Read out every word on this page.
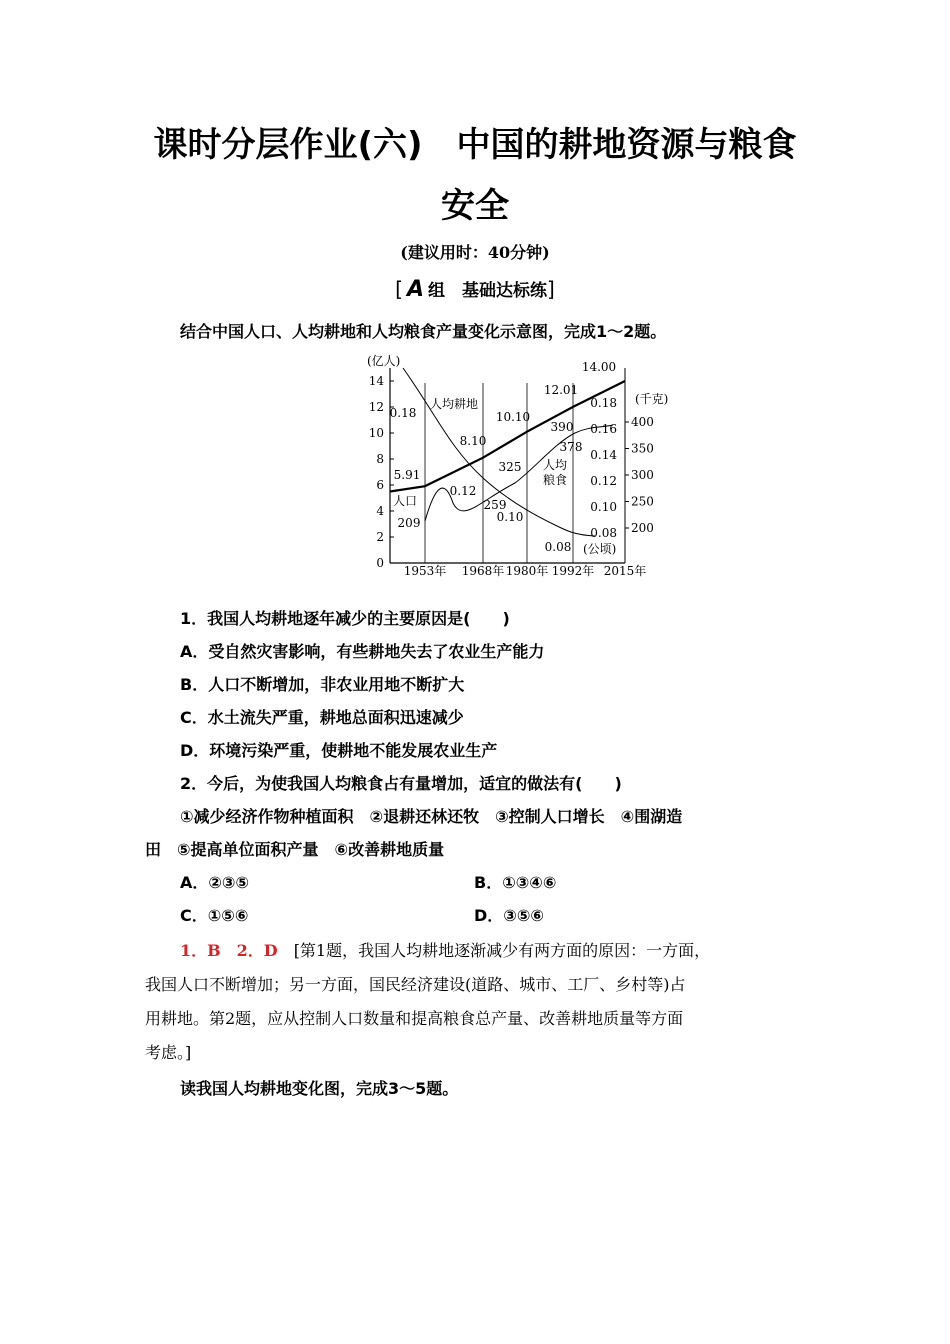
课时分层作业(六)　中国的耕地资源与粮食
安全
(建议用时：40分钟)
[ A 组　基础达标练]
结合中国人口、人均耕地和人均粮食产量变化示意图，完成1～2题。
0
2
4
6
8
10
12
14
(亿人)
0.08
0.10
0.12
0.14
0.16
0.18
(公顷)
200
250
300
350
400
(千克)
1953年 1968年 1980年 1992年 2015年
5.91
8.10
10.10
12.01
14.00
人口
0.18
0.12
0.10
0.08
人均耕地
209
259
325
390
378
人均
粮食
1．我国人均耕地逐年减少的主要原因是(　　)
A．受自然灾害影响，有些耕地失去了农业生产能力
B．人口不断增加，非农业用地不断扩大
C．水土流失严重，耕地总面积迅速减少
D．环境污染严重，使耕地不能发展农业生产
2．今后，为使我国人均粮食占有量增加，适宜的做法有(　　)
①减少经济作物种植面积　②退耕还林还牧　③控制人口增长　④围湖造
田　⑤提高单位面积产量　⑥改善耕地质量
A．②③⑤	B．①③④⑥
C．①⑤⑥	D．③⑤⑥
1．B　2．D　 [第1题，我国人均耕地逐渐减少有两方面的原因：一方面，
我国人口不断增加；另一方面，国民经济建设(道路、城市、工厂、乡村等)占
用耕地。第2题，应从控制人口数量和提高粮食总产量、改善耕地质量等方面
考虑。]
读我国人均耕地变化图，完成3～5题。
